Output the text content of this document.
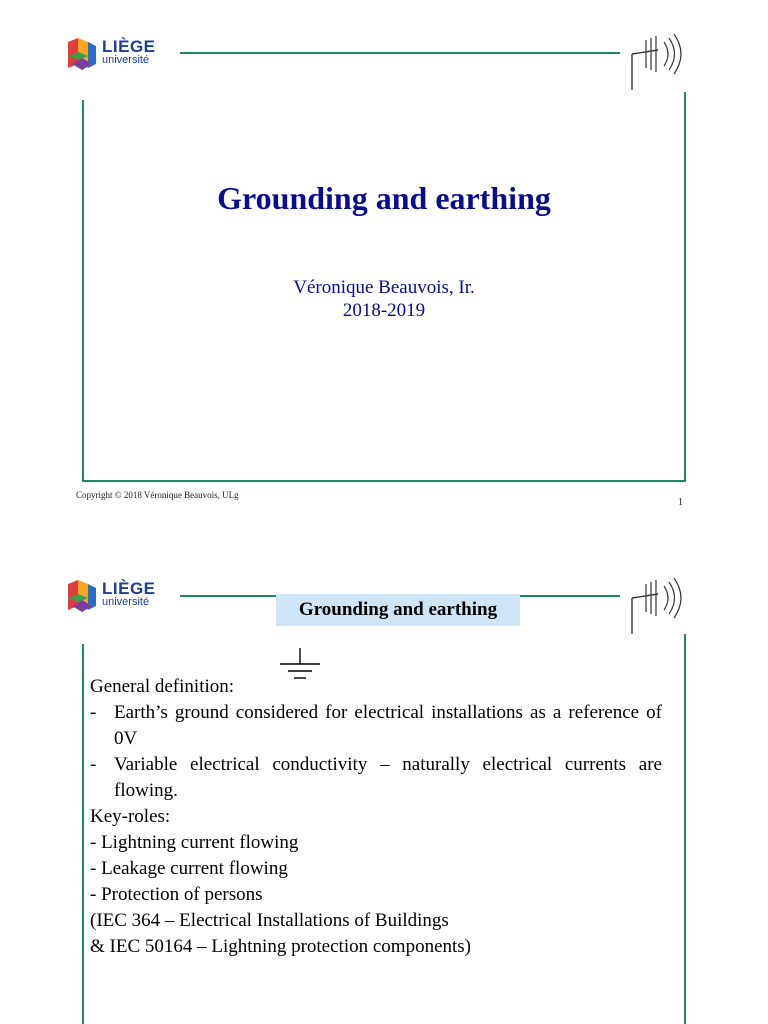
LIÈGE
université
Grounding and earthing
Véronique Beauvois, Ir.
2018-2019
Copyright © 2018 Véronique Beauvois, ULg
1
LIÈGE
université	Grounding and earthing

General definition:

- Earth’s ground considered for electrical installations as a reference of 0V
- Variable electrical conductivity – naturally electrical currents are flowing.

Key-roles:

- Lightning current flowing

- Leakage current flowing

- Protection of persons

(IEC 364 – Electrical Installations of Buildings

& IEC 50164 – Lightning protection components)
